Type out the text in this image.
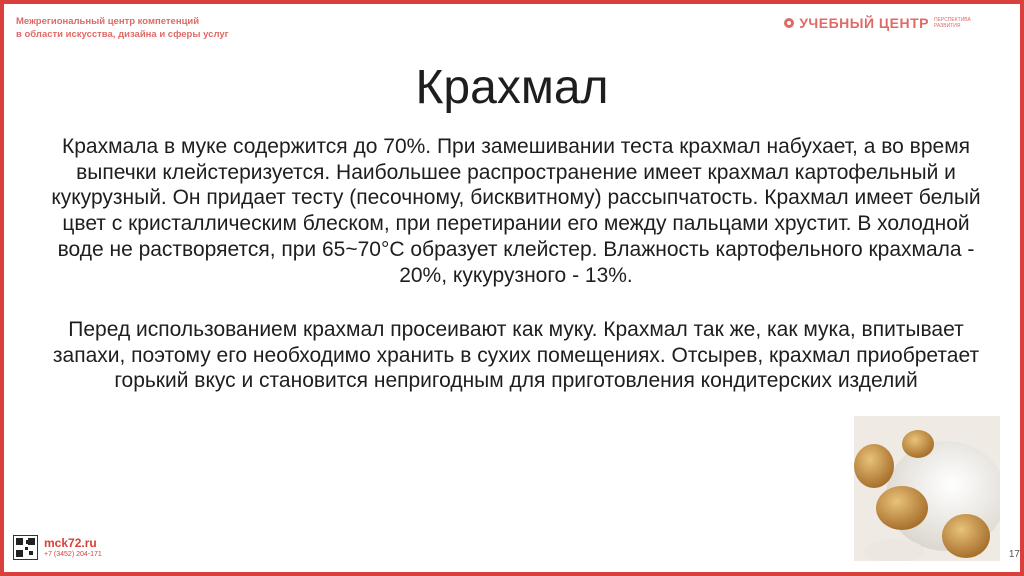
Межрегиональный центр компетенций
в области искусства, дизайна и сферы услуг
УЧЕБНЫЙ ЦЕНТР ПЕРСПЕКТИВА РАЗВИТИЯ
Крахмал

Крахмала в муке содержится до 70%. При замешивании теста крахмал набухает, а во время выпечки клейстеризуется. Наибольшее распространение имеет крахмал картофельный и кукурузный. Он придает тесту (песочному, бисквитному) рассыпчатость. Крахмал имеет белый цвет с кристаллическим блеском, при перетирании его между пальцами хрустит. В холодной воде не растворяется, при 65~70°С образует клейстер. Влажность картофельного крахмала - 20%, кукурузного - 13%.

Перед использованием крахмал просеивают как муку. Крахмал так же, как мука, впитывает запахи, поэтому его необходимо хранить в сухих помещениях. Отсырев, крахмал приобретает горький вкус и становится непригодным для приготовления кондитерских изделий

mck72.ru
+7 (3452) 204-171	17
